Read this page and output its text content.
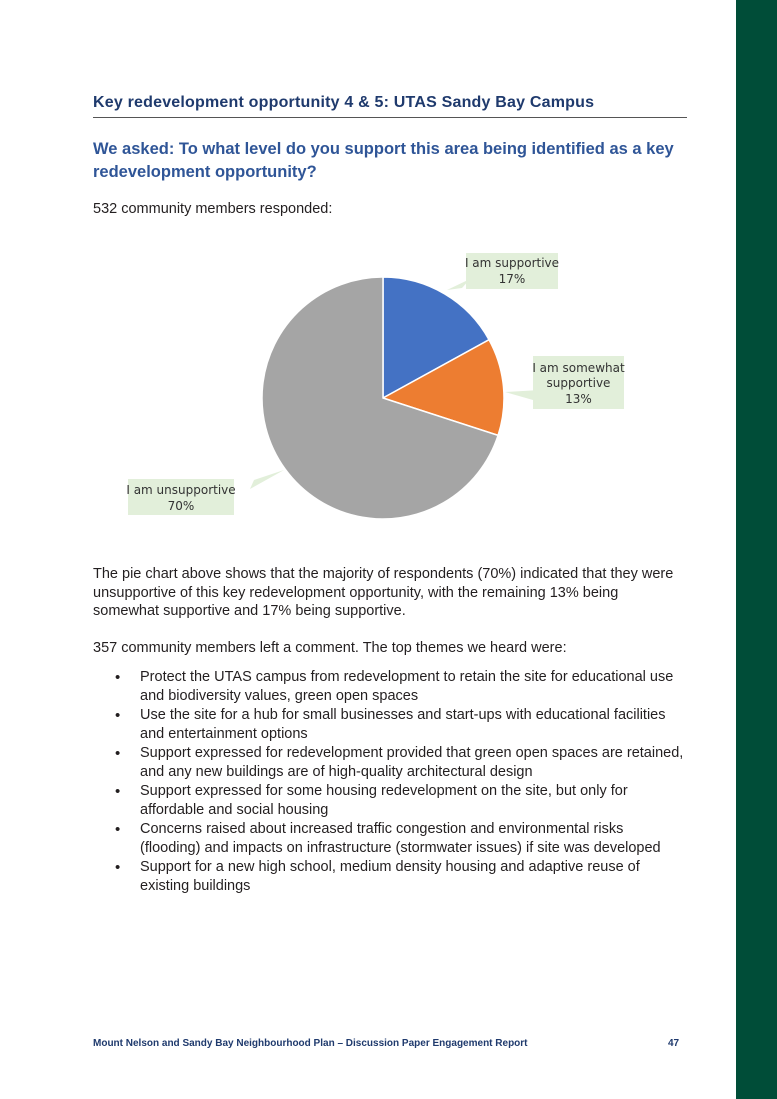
Key redevelopment opportunity 4 & 5: UTAS Sandy Bay Campus
We asked: To what level do you support this area being identified as a key redevelopment opportunity?
532 community members responded:
I am supportive
17%
I am somewhat
supportive
13%
I am unsupportive
70%
The pie chart above shows that the majority of respondents (70%) indicated that they were unsupportive of this key redevelopment opportunity, with the remaining 13% being somewhat supportive and 17% being supportive.
357 community members left a comment. The top themes we heard were:
• Protect the UTAS campus from redevelopment to retain the site for educational use and biodiversity values, green open spaces
• Use the site for a hub for small businesses and start-ups with educational facilities and entertainment options
• Support expressed for redevelopment provided that green open spaces are retained, and any new buildings are of high-quality architectural design
• Support expressed for some housing redevelopment on the site, but only for affordable and social housing
• Concerns raised about increased traffic congestion and environmental risks (flooding) and impacts on infrastructure (stormwater issues) if site was developed
• Support for a new high school, medium density housing and adaptive reuse of existing buildings
Mount Nelson and Sandy Bay Neighbourhood Plan – Discussion Paper Engagement Report	47
